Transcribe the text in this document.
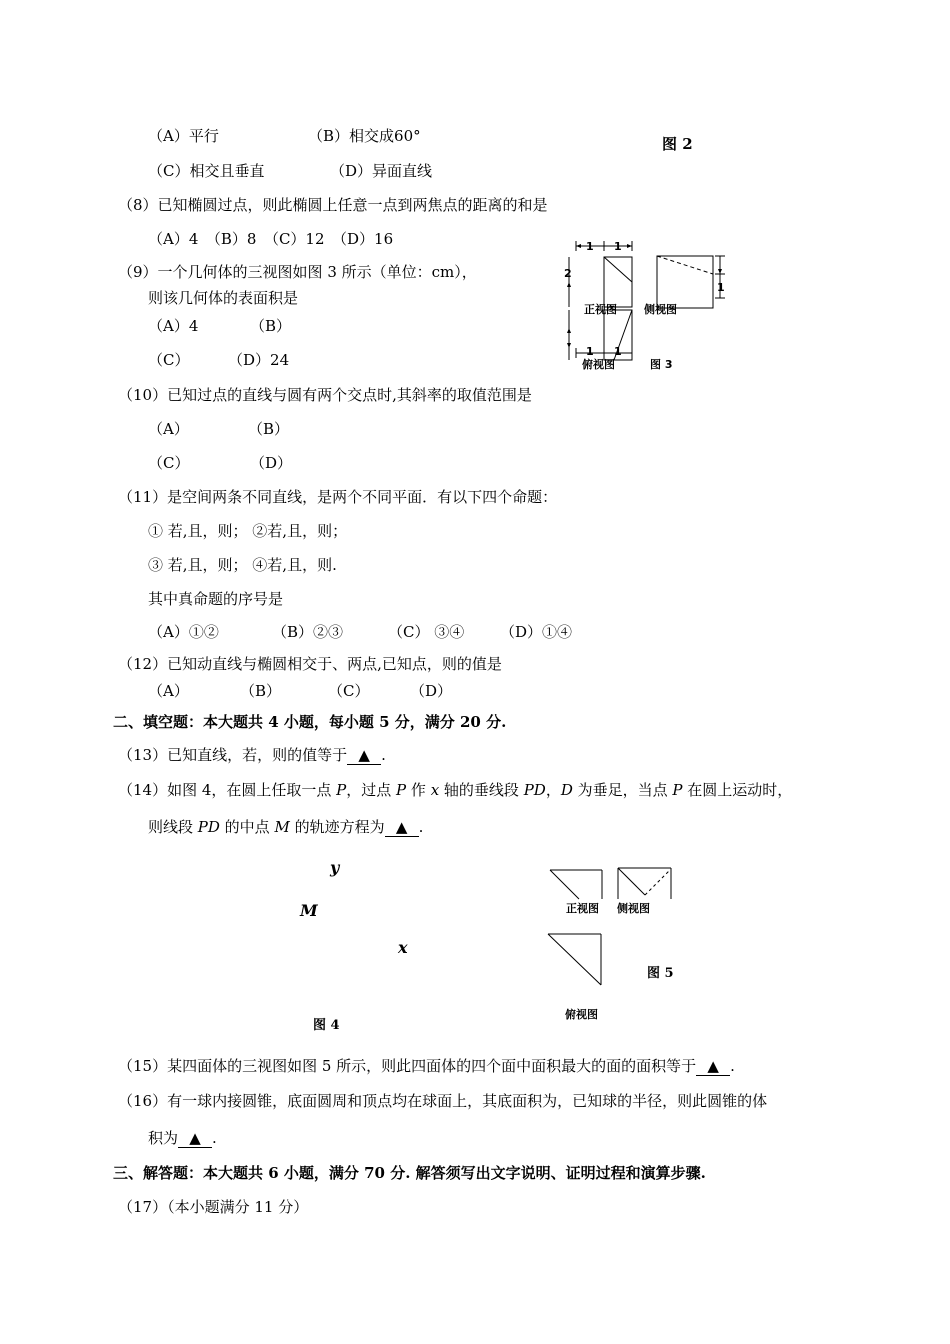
（A）平行	（B）相交成60°	图 2
（C）相交且垂直	（D）异面直线
（8）已知椭圆过点，则此椭圆上任意一点到两焦点的距离的和是
（A）4　（B）8　（C）12　（D）16
（9）一个几何体的三视图如图 3 所示（单位：cm），
则该几何体的表面积是
（A）4	（B）
（C）	（D）24
1 1
2
1
正视图 侧视图
1 1
俯视图	图 3
（10）已知过点的直线与圆有两个交点时,其斜率的取值范围是
（A）	（B）
（C）	（D）
（11）是空间两条不同直线，是两个不同平面．有以下四个命题：
① 若,且，则； ②若,且，则；
③ 若,且，则； ④若,且，则.
其中真命题的序号是
（A）①②	（B）②③	（C） ③④ （D）①④
（12）已知动直线与椭圆相交于、两点,已知点，则的值是
（A）	（B）	（C）	（D）
二、填空题：本大题共 4 小题，每小题 5 分，满分 20 分.
（13）已知直线，若，则的值等于 ▲ .
（14）如图 4，在圆上任取一点 P，过点 P 作 x 轴的垂线段 PD，D 为垂足，当点 P 在圆上运动时，
则线段 PD 的中点 M 的轨迹方程为 ▲ .
y
M
x
图 4
正视图 侧视图
图 5
俯视图
（15）某四面体的三视图如图 5 所示，则此四面体的四个面中面积最大的面的面积等于 ▲ .
（16）有一球内接圆锥，底面圆周和顶点均在球面上，其底面积为，已知球的半径，则此圆锥的体
积为 ▲ .
三、解答题：本大题共 6 小题，满分 70 分. 解答须写出文字说明、证明过程和演算步骤.
（17）（本小题满分 11 分）
